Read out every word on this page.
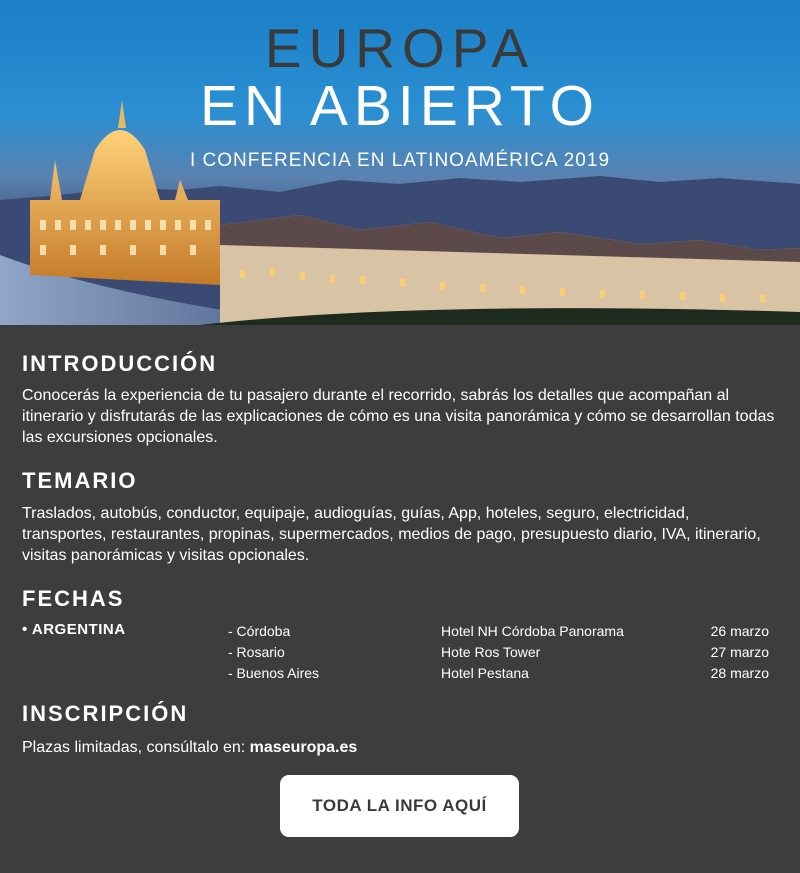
EUROPA
EN ABIERTO
I CONFERENCIA EN LATINOAMÉRICA 2019
INTRODUCCIÓN

Conocerás la experiencia de tu pasajero durante el recorrido, sabrás los detalles que acompañan al itinerario y disfrutarás de las explicaciones de cómo es una visita panorámica y cómo se desarrollan todas las excursiones opcionales.

TEMARIO

Traslados, autobús, conductor, equipaje, audioguías, guías, App, hoteles, seguro, electricidad, transportes, restaurantes, propinas, supermercados, medios de pago, presupuesto diario, IVA, itinerario, visitas panorámicas y visitas opcionales.

FECHAS
• ARGENTINA	- Córdoba	Hotel NH Córdoba Panorama	26 marzo
- Rosario	Hote Ros Tower	27 marzo
- Buenos Aires	Hotel Pestana	28 marzo
INSCRIPCIÓN

Plazas limitadas, consúltalo en: maseuropa.es

TODA LA INFO AQUÍ
